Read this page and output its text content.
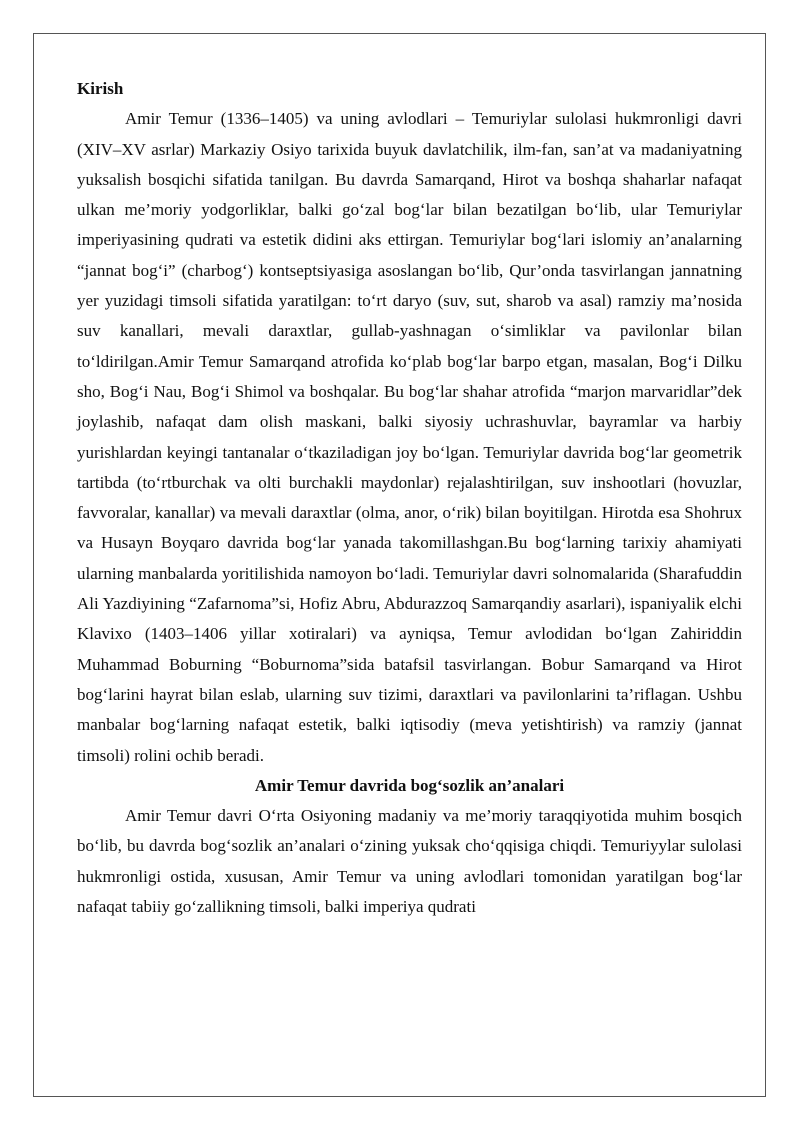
Kirish

Amir Temur (1336–1405) va uning avlodlari – Temuriylar sulolasi hukmronligi davri (XIV–XV asrlar) Markaziy Osiyo tarixida buyuk davlatchilik, ilm-fan, san’at va madaniyatning yuksalish bosqichi sifatida tanilgan. Bu davrda Samarqand, Hirot va boshqa shaharlar nafaqat ulkan me’moriy yodgorliklar, balki go‘zal bog‘lar bilan bezatilgan bo‘lib, ular Temuriylar imperiyasining qudrati va estetik didini aks ettirgan. Temuriylar bog‘lari islomiy an’analarning “jannat bog‘i” (charbog‘) kontseptsiyasiga asoslangan bo‘lib, Qur’onda tasvirlangan jannatning yer yuzidagi timsoli sifatida yaratilgan: to‘rt daryo (suv, sut, sharob va asal) ramziy ma’nosida suv kanallari, mevali daraxtlar, gullab-yashnagan o‘simliklar va pavilonlar bilan to‘ldirilgan.Amir Temur Samarqand atrofida ko‘plab bog‘lar barpo etgan, masalan, Bog‘i Dilku sho, Bog‘i Nau, Bog‘i Shimol va boshqalar. Bu bog‘lar shahar atrofida “marjon marvaridlar”dek joylashib, nafaqat dam olish maskani, balki siyosiy uchrashuvlar, bayramlar va harbiy yurishlardan keyingi tantanalar o‘tkaziladigan joy bo‘lgan. Temuriylar davrida bog‘lar geometrik tartibda (to‘rtburchak va olti burchakli maydonlar) rejalashtirilgan, suv inshootlari (hovuzlar, favvoralar, kanallar) va mevali daraxtlar (olma, anor, o‘rik) bilan boyitilgan. Hirotda esa Shohrux va Husayn Boyqaro davrida bog‘lar yanada takomillashgan.Bu bog‘larning tarixiy ahamiyati ularning manbalarda yoritilishida namoyon bo‘ladi. Temuriylar davri solnomalarida (Sharafuddin Ali Yazdiyining “Zafarnoma”si, Hofiz Abru, Abdurazzoq Samarqandiy asarlari), ispaniyalik elchi Klavixo (1403–1406 yillar xotiralari) va ayniqsa, Temur avlodidan bo‘lgan Zahiriddin Muhammad Boburning “Boburnoma”sida batafsil tasvirlangan. Bobur Samarqand va Hirot bog‘larini hayrat bilan eslab, ularning suv tizimi, daraxtlari va pavilonlarini ta’riflagan. Ushbu manbalar bog‘larning nafaqat estetik, balki iqtisodiy (meva yetishtirish) va ramziy (jannat timsoli) rolini ochib beradi.

Amir Temur davrida bog‘sozlik an’analari

Amir Temur davri O‘rta Osiyoning madaniy va me’moriy taraqqiyotida muhim bosqich bo‘lib, bu davrda bog‘sozlik an’analari o‘zining yuksak cho‘qqisiga chiqdi. Temuriyylar sulolasi hukmronligi ostida, xususan, Amir Temur va uning avlodlari tomonidan yaratilgan bog‘lar nafaqat tabiiy go‘zallikning timsoli, balki imperiya qudrati
